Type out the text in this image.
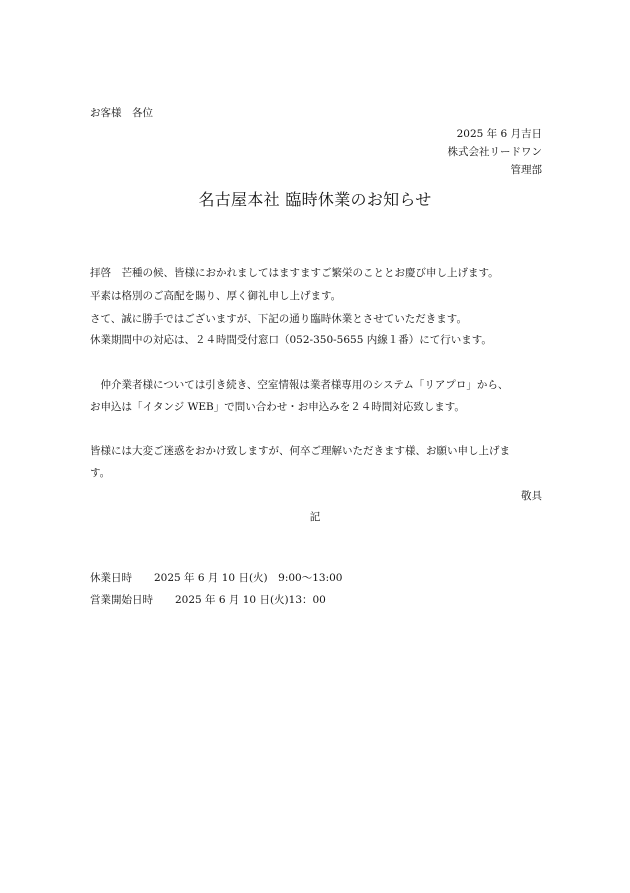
お客様　各位
2025 年 6 月吉日
株式会社リードワン
管理部
名古屋本社 臨時休業のお知らせ
拝啓　芒種の候、皆様におかれましてはますますご繁栄のこととお慶び申し上げます。
平素は格別のご高配を賜り、厚く御礼申し上げます。
さて、誠に勝手ではございますが、下記の通り臨時休業とさせていただきます。
休業期間中の対応は、２４時間受付窓口（052-350-5655 内線１番）にて行います。
　仲介業者様については引き続き、空室情報は業者様専用のシステム「リアプロ」から、
お申込は「イタンジ WEB」で問い合わせ・お申込みを２４時間対応致します。
皆様には大変ご迷惑をおかけ致しますが、何卒ご理解いただきます様、お願い申し上げま
す。
敬具
記
休業日時 2025 年 6 月 10 日(火)　9:00～13:00
営業開始日時 2025 年 6 月 10 日(火)13：00
